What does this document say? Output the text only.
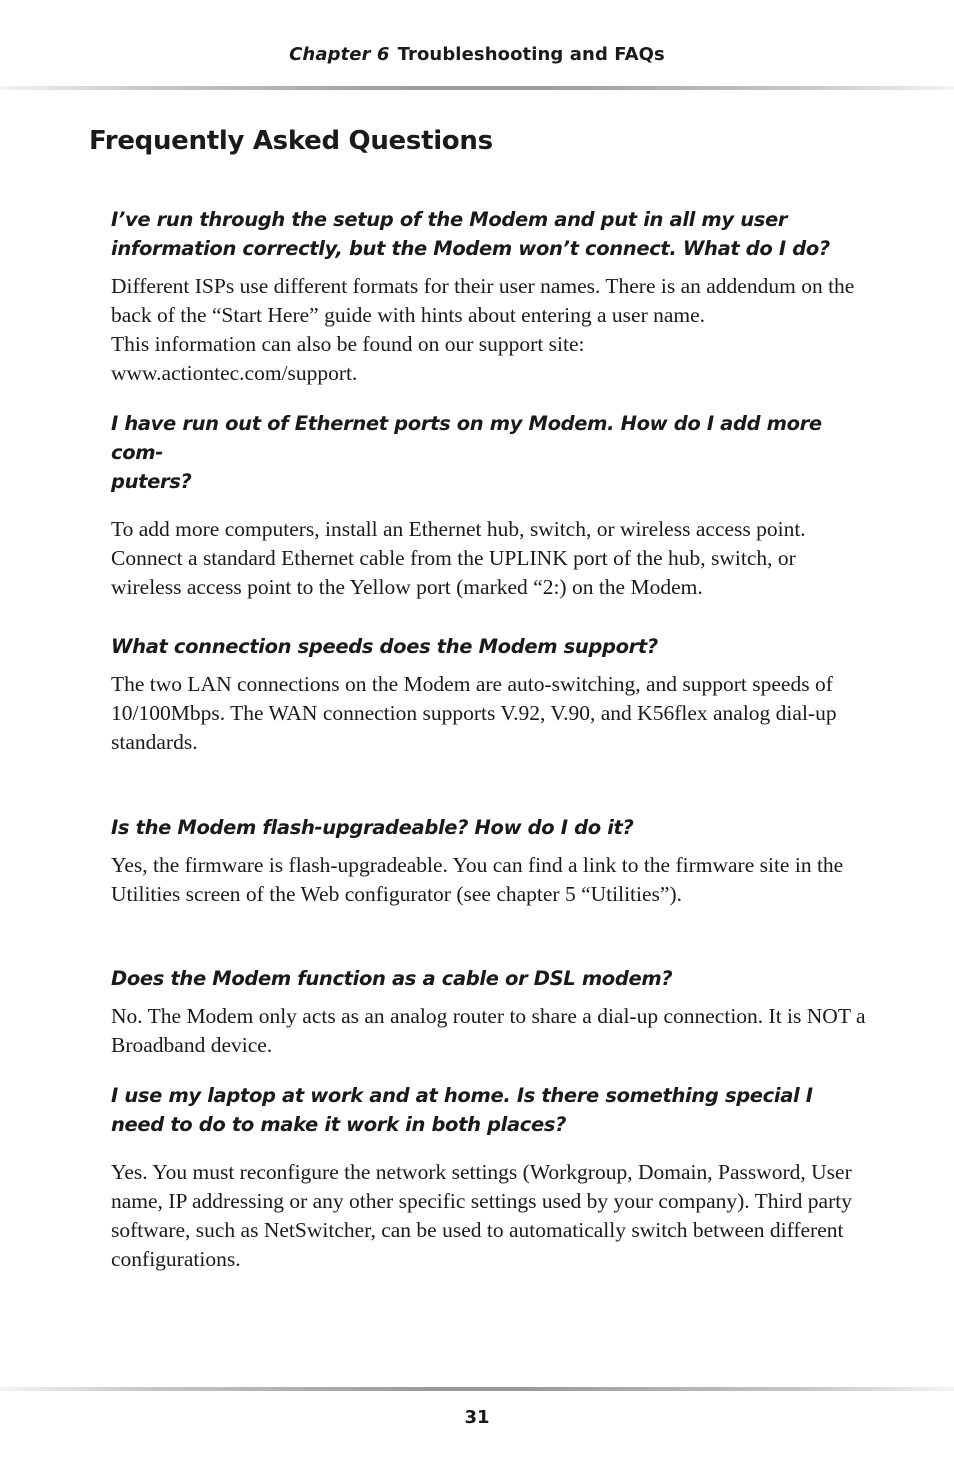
Chapter 6 Troubleshooting and FAQs
Frequently Asked Questions

I’ve run through the setup of the Modem and put in all my user information correctly, but the Modem won’t connect. What do I do?

Different ISPs use different formats for their user names. There is an addendum on the back of the “Start Here” guide with hints about entering a user name.
This information can also be found on our support site:
www.actiontec.com/support.

I have run out of Ethernet ports on my Modem. How do I add more com-
puters?

To add more computers, install an Ethernet hub, switch, or wireless access point. Connect a standard Ethernet cable from the UPLINK port of the hub, switch, or wireless access point to the Yellow port (marked “2:) on the Modem.

What connection speeds does the Modem support?

The two LAN connections on the Modem are auto-switching, and support speeds of 10/100Mbps. The WAN connection supports V.92, V.90, and K56flex analog dial-up standards.

Is the Modem flash-upgradeable? How do I do it?

Yes, the firmware is flash-upgradeable. You can find a link to the firmware site in the Utilities screen of the Web configurator (see chapter 5 “Utilities”).

Does the Modem function as a cable or DSL modem?

No. The Modem only acts as an analog router to share a dial-up connection. It is NOT a Broadband device.

I use my laptop at work and at home. Is there something special I need to do to make it work in both places?

Yes. You must reconfigure the network settings (Workgroup, Domain, Password, User name, IP addressing or any other specific settings used by your company). Third party software, such as NetSwitcher, can be used to automatically switch between different configurations.

31
